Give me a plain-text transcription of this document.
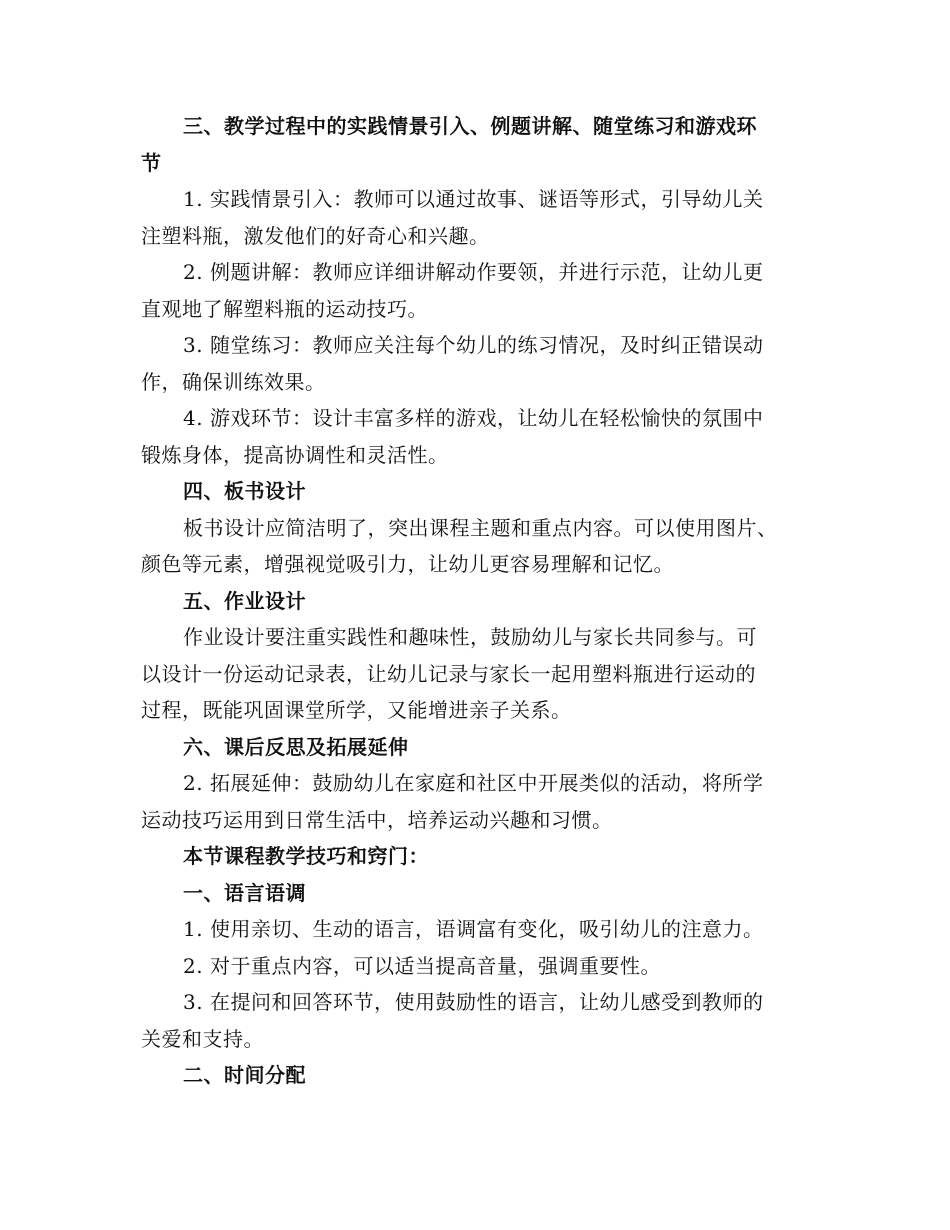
三、教学过程中的实践情景引入、例题讲解、随堂练习和游戏环
节
1. 实践情景引入：教师可以通过故事、谜语等形式，引导幼儿关
注塑料瓶，激发他们的好奇心和兴趣。
2. 例题讲解：教师应详细讲解动作要领，并进行示范，让幼儿更
直观地了解塑料瓶的运动技巧。
3. 随堂练习：教师应关注每个幼儿的练习情况，及时纠正错误动
作，确保训练效果。
4. 游戏环节：设计丰富多样的游戏，让幼儿在轻松愉快的氛围中
锻炼身体，提高协调性和灵活性。
四、板书设计
板书设计应简洁明了，突出课程主题和重点内容。可以使用图片、
颜色等元素，增强视觉吸引力，让幼儿更容易理解和记忆。
五、作业设计
作业设计要注重实践性和趣味性，鼓励幼儿与家长共同参与。可
以设计一份运动记录表，让幼儿记录与家长一起用塑料瓶进行运动的
过程，既能巩固课堂所学，又能增进亲子关系。
六、课后反思及拓展延伸
2. 拓展延伸：鼓励幼儿在家庭和社区中开展类似的活动，将所学
运动技巧运用到日常生活中，培养运动兴趣和习惯。
本节课程教学技巧和窍门：
一、语言语调
1. 使用亲切、生动的语言，语调富有变化，吸引幼儿的注意力。
2. 对于重点内容，可以适当提高音量，强调重要性。
3. 在提问和回答环节，使用鼓励性的语言，让幼儿感受到教师的
关爱和支持。
二、时间分配
